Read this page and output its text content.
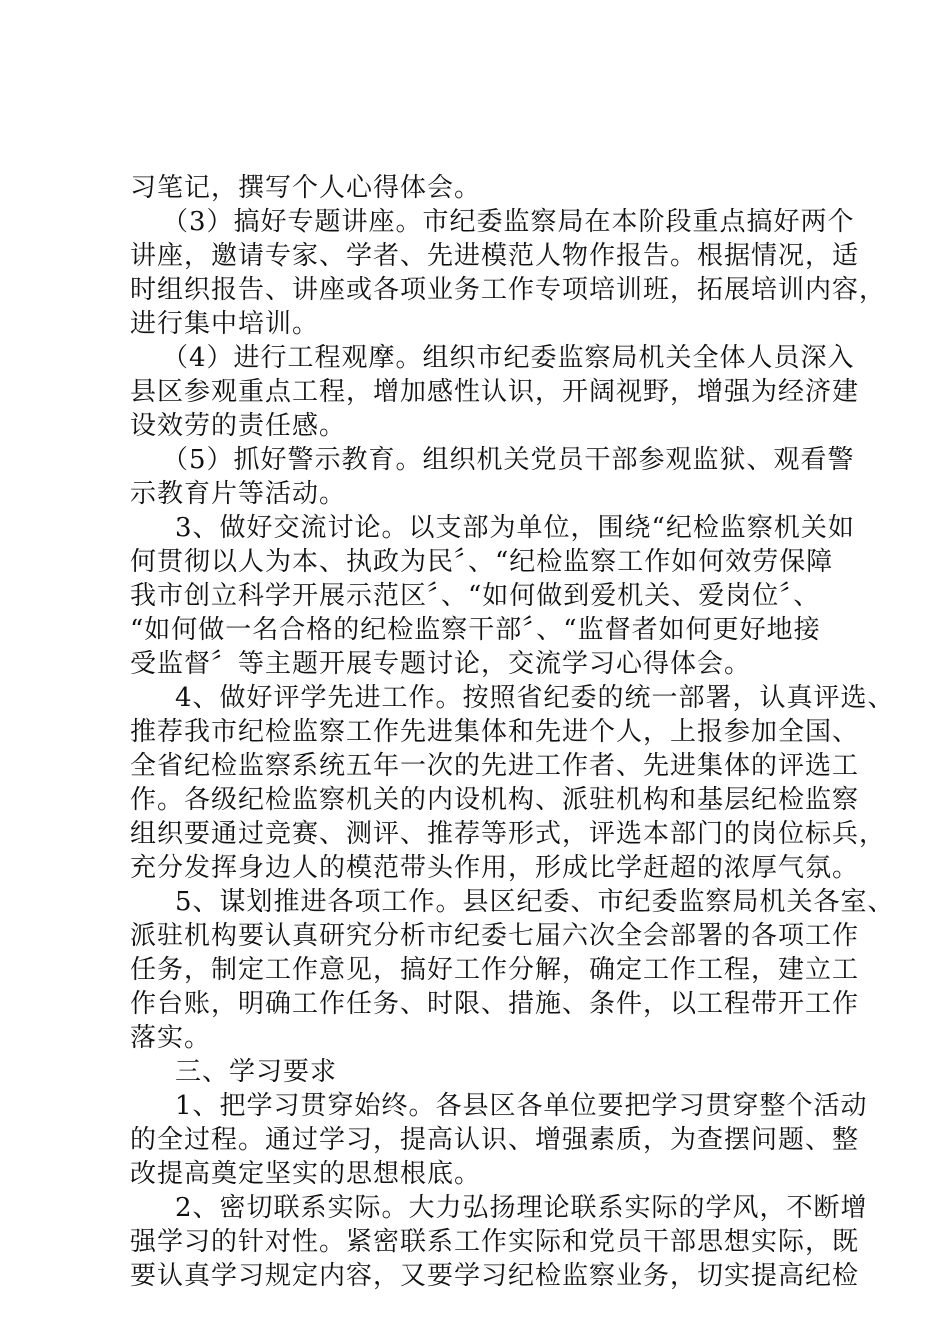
习笔记，撰写个人心得体会。
（3）搞好专题讲座。市纪委监察局在本阶段重点搞好两个
讲座，邀请专家、学者、先进模范人物作报告。根据情况，适
时组织报告、讲座或各项业务工作专项培训班，拓展培训内容，
进行集中培训。
（4）进行工程观摩。组织市纪委监察局机关全体人员深入
县区参观重点工程，增加感性认识，开阔视野，增强为经济建
设效劳的责任感。
（5）抓好警示教育。组织机关党员干部参观监狱、观看警
示教育片等活动。
3、做好交流讨论。以支部为单位，围绕“纪检监察机关如
何贯彻以人为本、执政为民〞、“纪检监察工作如何效劳保障
我市创立科学开展示范区〞、“如何做到爱机关、爱岗位〞、
“如何做一名合格的纪检监察干部〞、“监督者如何更好地接
受监督〞等主题开展专题讨论，交流学习心得体会。
4、做好评学先进工作。按照省纪委的统一部署，认真评选、
推荐我市纪检监察工作先进集体和先进个人，上报参加全国、
全省纪检监察系统五年一次的先进工作者、先进集体的评选工
作。各级纪检监察机关的内设机构、派驻机构和基层纪检监察
组织要通过竞赛、测评、推荐等形式，评选本部门的岗位标兵，
充分发挥身边人的模范带头作用，形成比学赶超的浓厚气氛。
5、谋划推进各项工作。县区纪委、市纪委监察局机关各室、
派驻机构要认真研究分析市纪委七届六次全会部署的各项工作
任务，制定工作意见，搞好工作分解，确定工作工程，建立工
作台账，明确工作任务、时限、措施、条件，以工程带开工作
落实。
三、学习要求
1、把学习贯穿始终。各县区各单位要把学习贯穿整个活动
的全过程。通过学习，提高认识、增强素质，为查摆问题、整
改提高奠定坚实的思想根底。
2、密切联系实际。大力弘扬理论联系实际的学风，不断增
强学习的针对性。紧密联系工作实际和党员干部思想实际，既
要认真学习规定内容，又要学习纪检监察业务，切实提高纪检
